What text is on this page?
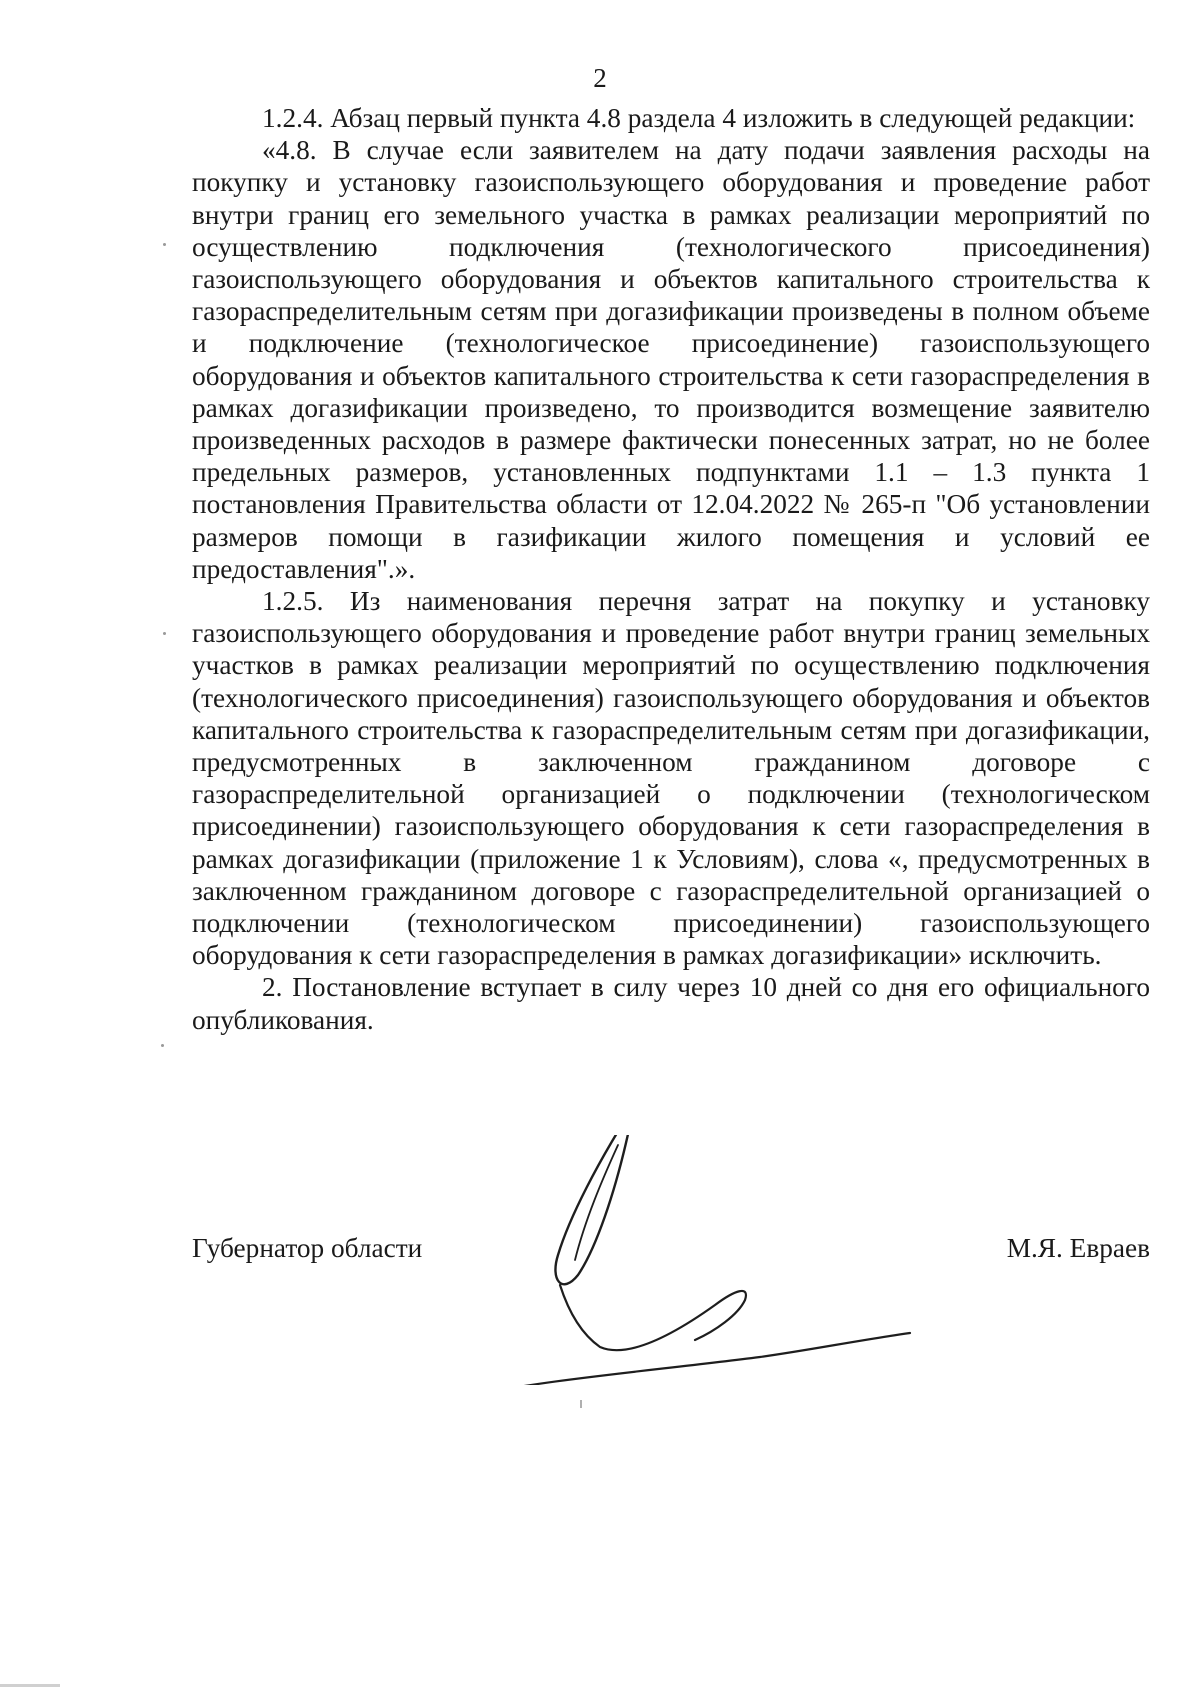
2

1.2.4. Абзац первый пункта 4.8 раздела 4 изложить в следующей редакции:

«4.8. В случае если заявителем на дату подачи заявления расходы на покупку и установку газоиспользующего оборудования и проведение работ внутри границ его земельного участка в рамках реализации мероприятий по осуществлению подключения (технологического присоединения) газоиспользующего оборудования и объектов капитального строительства к газораспределительным сетям при догазификации произведены в полном объеме и подключение (технологическое присоединение) газоиспользующего оборудования и объектов капитального строительства к сети газораспределения в рамках догазификации произведено, то производится возмещение заявителю произведенных расходов в размере фактически понесенных затрат, но не более предельных размеров, установленных подпунктами 1.1 – 1.3 пункта 1 постановления Правительства области от 12.04.2022 № 265-п "Об установлении размеров помощи в газификации жилого помещения и условий ее предоставления".».

1.2.5. Из наименования перечня затрат на покупку и установку газоиспользующего оборудования и проведение работ внутри границ земельных участков в рамках реализации мероприятий по осуществлению подключения (технологического присоединения) газоиспользующего оборудования и объектов капитального строительства к газораспределительным сетям при догазификации, предусмотренных в заключенном гражданином договоре с газораспределительной организацией о подключении (технологическом присоединении) газоиспользующего оборудования к сети газораспределения в рамках догазификации (приложение 1 к Условиям), слова «, предусмотренных в заключенном гражданином договоре с газораспределительной организацией о подключении (технологическом присоединении) газоиспользующего оборудования к сети газораспределения в рамках догазификации» исключить.

2. Постановление вступает в силу через 10 дней со дня его официального опубликования.

Губернатор области	М.Я. Евраев
